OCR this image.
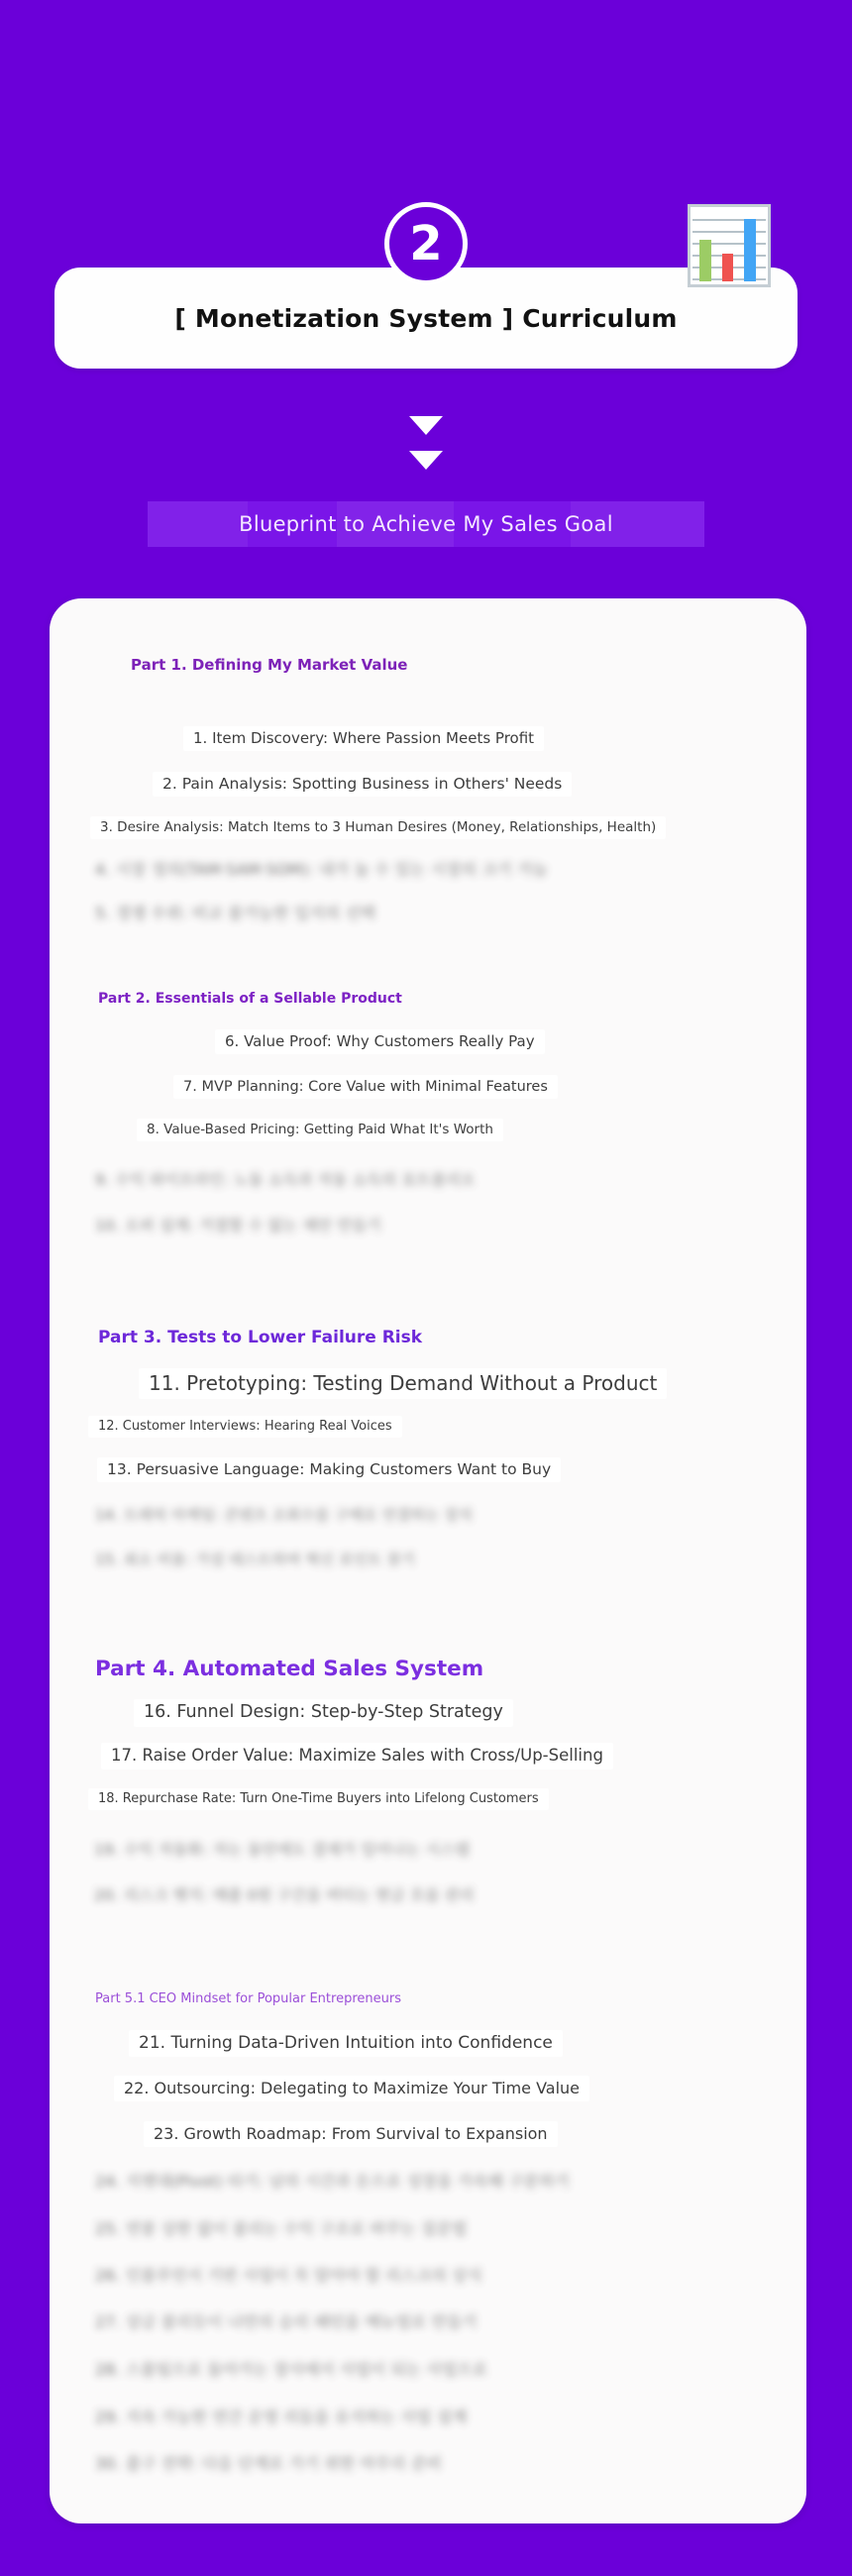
2
[ Monetization System ] Curriculum
Blueprint to Achieve My Sales Goal
Part 1. Defining My Market Value
1. Item Discovery: Where Passion Meets Profit
2. Pain Analysis: Spotting Business in Others' Needs
3. Desire Analysis: Match Items to 3 Human Desires (Money, Relationships, Health)
4. 시장 정의(TAM·SAM·SOM): 내가 놀 수 있는 시장의 크기 가늠
5. 경쟁 우위: 비교 불가능한 입지의 선택
Part 2. Essentials of a Sellable Product
6. Value Proof: Why Customers Really Pay
7. MVP Planning: Core Value with Minimal Features
8. Value-Based Pricing: Getting Paid What It's Worth
9. 수익 파이프라인: 노동 소득과 자동 소득의 포트폴리오
10. 오퍼 설계: 거절할 수 없는 제안 만들기
Part 3. Tests to Lower Failure Risk
11. Pretotyping: Testing Demand Without a Product
12. Customer Interviews: Hearing Real Voices
13. Persuasive Language: Making Customers Want to Buy
14. 트래픽 마케팅: 콘텐츠 조회수를 구매로 연결하는 장치
15. 최소 비용: 가설 테스트하며 혁신 포인트 찾기
Part 4. Automated Sales System
16. Funnel Design: Step-by-Step Strategy
17. Raise Order Value: Maximize Sales with Cross/Up-Selling
18. Repurchase Rate: Turn One-Time Buyers into Lifelong Customers
19. 수익 자동화: 자는 동안에도 결제가 일어나는 시스템
20. 리스크 헷지: 매출 0원 구간을 버티는 현금 흐름 관리
Part 5.1 CEO Mindset for Popular Entrepreneurs
21. Turning Data-Driven Intuition into Confidence
22. Outsourcing: Delegating to Maximize Your Time Value
23. Growth Roadmap: From Survival to Expansion
24. 지렛대(Pivot) 타기: 남의 시간과 돈으로 성장을 가속해 구분하기
25. 연봉 상한 없이 불리는 수익 구조로 바꾸는 질문법
26. 인플루언서 기반 사업이 꼭 알아야 할 리스크의 상식
27. 상금 불리듯이 나만의 승리 패턴을 메뉴얼로 만들기
28. 스몰팀으로 돌아가는 장사에서 사업이 되는 사업으로
29. 지속 가능한 연간 운영 리듬을 유지하는 사업 설계
30. 출구 전략: 다음 단계로 가기 위한 마무리 준비
